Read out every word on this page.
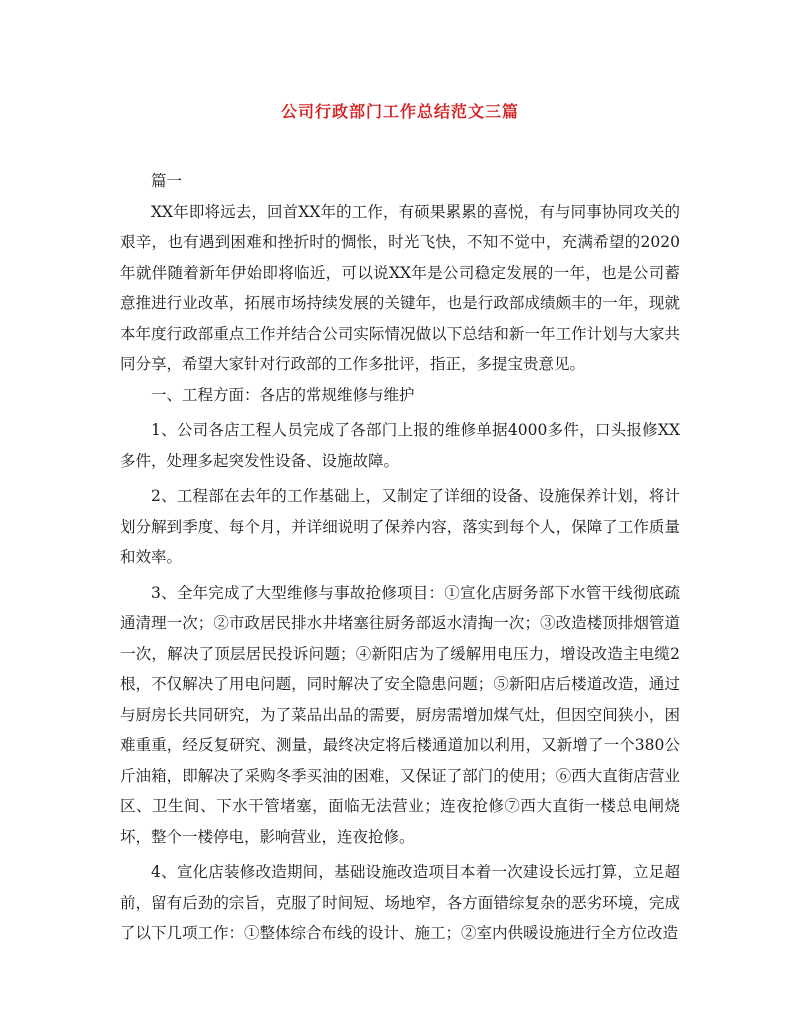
公司行政部门工作总结范文三篇

篇一

XX年即将远去，回首XX年的工作，有硕果累累的喜悦，有与同事协同攻关的艰辛，也有遇到困难和挫折时的惆怅，时光飞快，不知不觉中，充满希望的2020年就伴随着新年伊始即将临近，可以说XX年是公司稳定发展的一年，也是公司蓄意推进行业改革，拓展市场持续发展的关键年，也是行政部成绩颇丰的一年，现就本年度行政部重点工作并结合公司实际情况做以下总结和新一年工作计划与大家共同分享，希望大家针对行政部的工作多批评，指正，多提宝贵意见。

一、工程方面：各店的常规维修与维护

1、公司各店工程人员完成了各部门上报的维修单据4000多件，口头报修XX多件，处理多起突发性设备、设施故障。

2、工程部在去年的工作基础上，又制定了详细的设备、设施保养计划，将计划分解到季度、每个月，并详细说明了保养内容，落实到每个人，保障了工作质量和效率。

3、全年完成了大型维修与事故抢修项目：①宣化店厨务部下水管干线彻底疏通清理一次；②市政居民排水井堵塞往厨务部返水清掏一次；③改造楼顶排烟管道一次，解决了顶层居民投诉问题；④新阳店为了缓解用电压力，增设改造主电缆2根，不仅解决了用电问题，同时解决了安全隐患问题；⑤新阳店后楼道改造，通过与厨房长共同研究，为了菜品出品的需要，厨房需增加煤气灶，但因空间狭小，困难重重，经反复研究、测量，最终决定将后楼通道加以利用，又新增了一个380公斤油箱，即解决了采购冬季买油的困难，又保证了部门的使用；⑥西大直街店营业区、卫生间、下水干管堵塞，面临无法营业；连夜抢修⑦西大直街一楼总电闸烧坏，整个一楼停电，影响营业，连夜抢修。

4、宣化店装修改造期间，基础设施改造项目本着一次建设长远打算，立足超前，留有后劲的宗旨，克服了时间短、场地窄，各方面错综复杂的恶劣环境，完成了以下几项工作：①整体综合布线的设计、施工；②室内供暖设施进行全方位改造
